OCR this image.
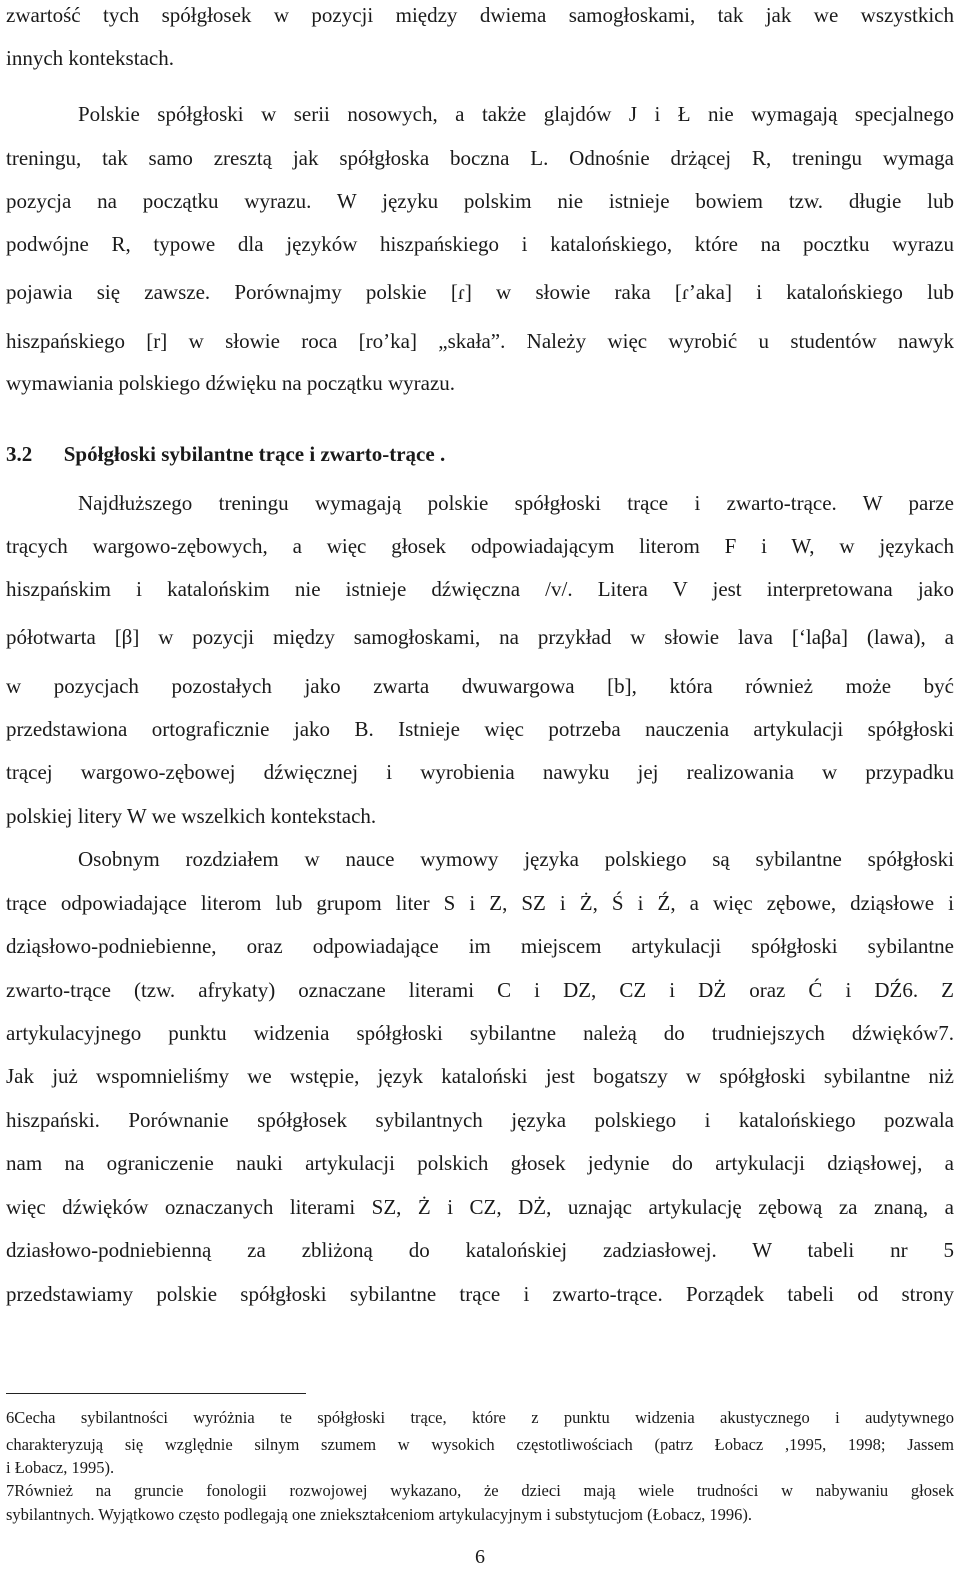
zwartość tych spółgłosek w pozycji między dwiema samogłoskami, tak jak we wszystkich
innych kontekstach.
Polskie spółgłoski w serii nosowych, a także glajdów J i Ł nie wymagają specjalnego
treningu, tak samo zresztą jak spółgłoska boczna L. Odnośnie drżącej R, treningu wymaga
pozycja na początku wyrazu. W języku polskim nie istnieje bowiem tzw. długie lub
podwójne R, typowe dla języków hiszpańskiego i katalońskiego, które na pocztku wyrazu
pojawia się zawsze. Porównajmy polskie [ɾ] w słowie raka [ɾ’aka] i katalońskiego lub
hiszpańskiego [r] w słowie roca [ro’ka] „skała”. Należy więc wyrobić u studentów nawyk
wymawiania polskiego dźwięku na początku wyrazu.
3.2      Spółgłoski sybilantne trące i zwarto-trące .
Najdłuższego treningu wymagają polskie spółgłoski trące i zwarto-trące. W parze
trących wargowo-zębowych, a więc głosek odpowiadającym literom F i W, w językach
hiszpańskim i katalońskim nie istnieje dźwięczna /v/. Litera V jest interpretowana jako
półotwarta [β] w pozycji między samogłoskami, na przykład w słowie lava [‘laβa] (lawa), a
w pozycjach pozostałych jako zwarta dwuwargowa [b], która również może być
przedstawiona ortograficznie jako B. Istnieje więc potrzeba nauczenia artykulacji spółgłoski
trącej wargowo-zębowej dźwięcznej i wyrobienia nawyku jej realizowania w przypadku
polskiej litery W we wszelkich kontekstach.
Osobnym rozdziałem w nauce wymowy języka polskiego są sybilantne spółgłoski
trące odpowiadające literom lub grupom liter S i Z, SZ i Ż, Ś i Ź, a więc zębowe, dziąsłowe i
dziąsłowo-podniebienne, oraz odpowiadające im miejscem artykulacji spółgłoski sybilantne
zwarto-trące (tzw. afrykaty) oznaczane literami C i DZ, CZ i DŻ oraz Ć i DŹ6. Z
artykulacyjnego punktu widzenia spółgłoski sybilantne należą do trudniejszych dźwięków7.
Jak już wspomnieliśmy we wstępie, język kataloński jest bogatszy w spółgłoski sybilantne niż
hiszpański. Porównanie spółgłosek sybilantnych języka polskiego i katalońskiego pozwala
nam na ograniczenie nauki artykulacji polskich głosek jedynie do artykulacji dziąsłowej, a
więc dźwięków oznaczanych literami SZ, Ż i CZ, DŻ, uznając artykulację zębową za znaną, a
dziasłowo-podniebienną za zbliżoną do katalońskiej zadziasłowej. W tabeli nr 5
przedstawiamy polskie spółgłoski sybilantne trące i zwarto-trące. Porządek tabeli od strony
6Cecha sybilantności wyróżnia te spółgłoski trące, które z punktu widzenia akustycznego i audytywnego
charakteryzują się względnie silnym szumem w wysokich częstotliwościach (patrz Łobacz ,1995, 1998; Jassem
i Łobacz, 1995).
7Również na gruncie fonologii rozwojowej wykazano, że dzieci mają wiele trudności w nabywaniu głosek
sybilantnych. Wyjątkowo często podlegają one zniekształceniom artykulacyjnym i substytucjom (Łobacz, 1996).
6
